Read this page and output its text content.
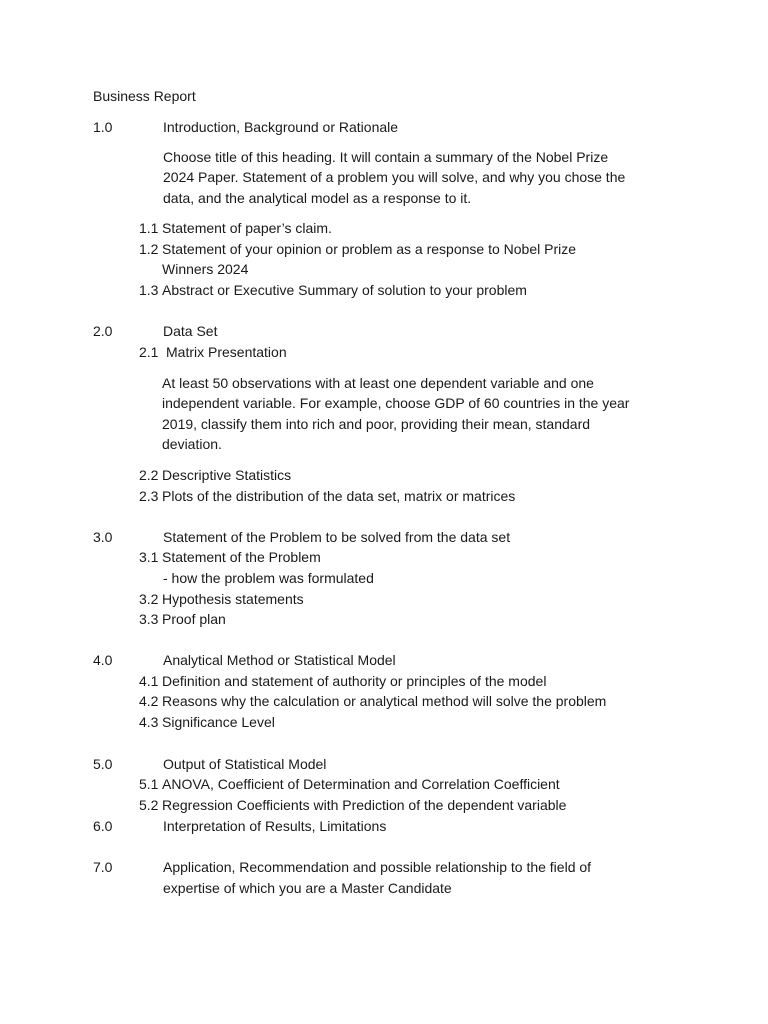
Business Report
1.0	Introduction, Background or Rationale
Choose title of this heading. It will contain a summary of the Nobel Prize
2024 Paper. Statement of a problem you will solve, and why you chose the
data, and the analytical model as a response to it.
1.1 Statement of paper’s claim.
1.2 Statement of your opinion or problem as a response to Nobel Prize
Winners 2024
1.3 Abstract or Executive Summary of solution to your problem
2.0	Data Set
2.1 Matrix Presentation
At least 50 observations with at least one dependent variable and one
independent variable. For example, choose GDP of 60 countries in the year
2019, classify them into rich and poor, providing their mean, standard
deviation.
2.2 Descriptive Statistics
2.3 Plots of the distribution of the data set, matrix or matrices
3.0	Statement of the Problem to be solved from the data set
3.1 Statement of the Problem
- how the problem was formulated
3.2 Hypothesis statements
3.3 Proof plan
4.0	Analytical Method or Statistical Model
4.1 Definition and statement of authority or principles of the model
4.2 Reasons why the calculation or analytical method will solve the problem
4.3 Significance Level
5.0	Output of Statistical Model
5.1 ANOVA, Coefficient of Determination and Correlation Coefficient
5.2 Regression Coefficients with Prediction of the dependent variable
6.0	Interpretation of Results, Limitations
7.0	Application, Recommendation and possible relationship to the field of
expertise of which you are a Master Candidate
